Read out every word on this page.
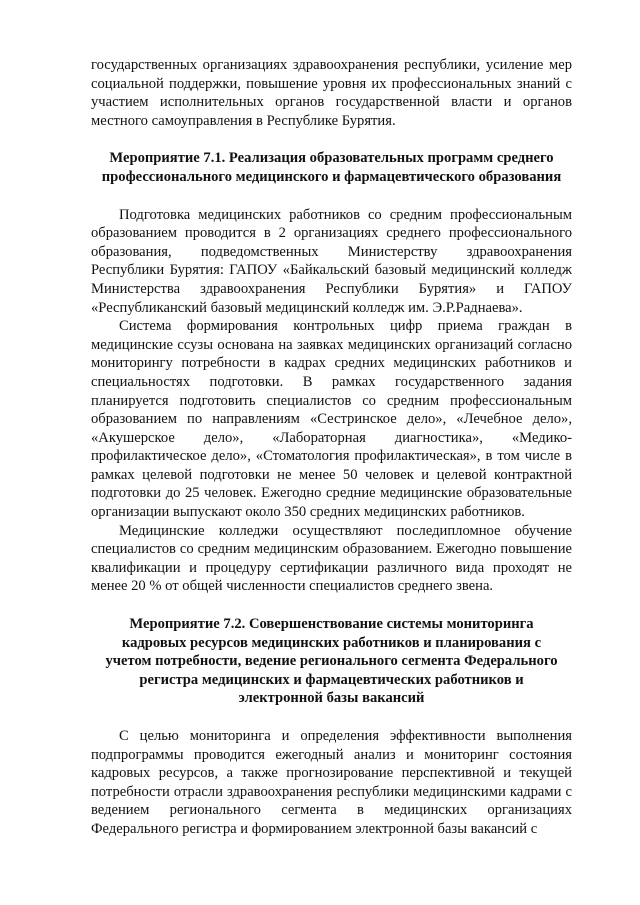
государственных организациях здравоохранения республики, усиление мер социальной поддержки, повышение уровня их профессиональных знаний с участием исполнительных органов государственной власти и органов местного самоуправления в Республике Бурятия.

Мероприятие 7.1. Реализация образовательных программ среднего профессионального медицинского и фармацевтического образования

Подготовка медицинских работников со средним профессиональным образованием проводится в 2 организациях среднего профессионального образования, подведомственных Министерству здравоохранения Республики Бурятия: ГАПОУ «Байкальский базовый медицинский колледж Министерства здравоохранения Республики Бурятия» и ГАПОУ «Республиканский базовый медицинский колледж им. Э.Р.Раднаева».

Система формирования контрольных цифр приема граждан в медицинские ссузы основана на заявках медицинских организаций согласно мониторингу потребности в кадрах средних медицинских работников и специальностях подготовки. В рамках государственного задания планируется подготовить специалистов со средним профессиональным образованием по направлениям «Сестринское дело», «Лечебное дело», «Акушерское дело», «Лабораторная диагностика», «Медико-профилактическое дело», «Стоматология профилактическая», в том числе в рамках целевой подготовки не менее 50 человек и целевой контрактной подготовки до 25 человек. Ежегодно средние медицинские образовательные организации выпускают около 350 средних медицинских работников.

Медицинские колледжи осуществляют последипломное обучение специалистов со средним медицинским образованием. Ежегодно повышение квалификации и процедуру сертификации различного вида проходят не менее 20 % от общей численности специалистов среднего звена.

Мероприятие 7.2. Совершенствование системы мониторинга кадровых ресурсов медицинских работников и планирования с учетом потребности, ведение регионального сегмента Федерального регистра медицинских и фармацевтических работников и электронной базы вакансий

С целью мониторинга и определения эффективности выполнения подпрограммы проводится ежегодный анализ и мониторинг состояния кадровых ресурсов, а также прогнозирование перспективной и текущей потребности отрасли здравоохранения республики медицинскими кадрами с ведением регионального сегмента в медицинских организациях Федерального регистра и формированием электронной базы вакансий с
